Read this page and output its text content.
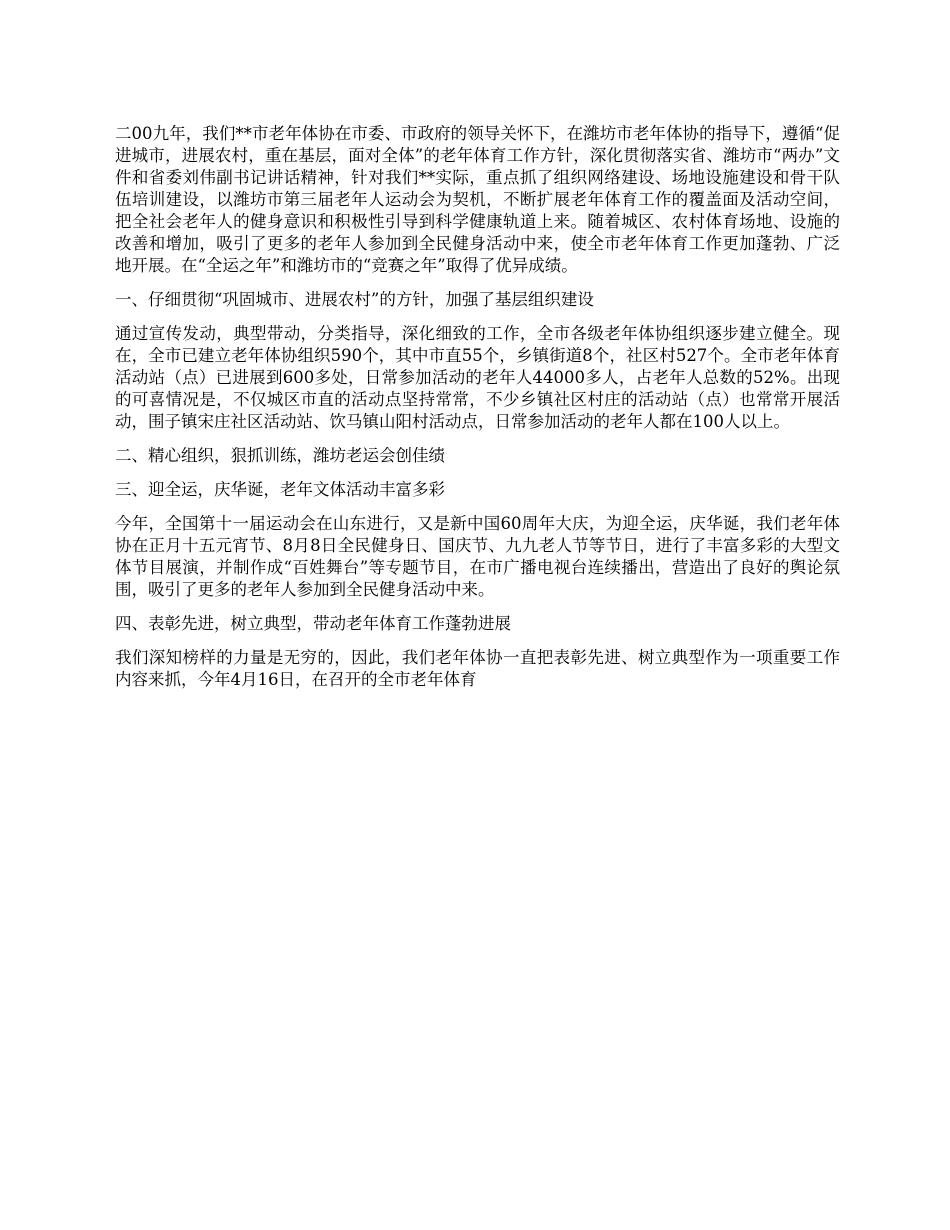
二00九年，我们**市老年体协在市委、市政府的领导关怀下，在潍坊市老年体协的指导下，遵循“促进城市，进展农村，重在基层，面对全体”的老年体育工作方针，深化贯彻落实省、潍坊市“两办”文件和省委刘伟副书记讲话精神，针对我们**实际，重点抓了组织网络建设、场地设施建设和骨干队伍培训建设，以潍坊市第三届老年人运动会为契机，不断扩展老年体育工作的覆盖面及活动空间，把全社会老年人的健身意识和积极性引导到科学健康轨道上来。随着城区、农村体育场地、设施的改善和增加，吸引了更多的老年人参加到全民健身活动中来，使全市老年体育工作更加蓬勃、广泛地开展。在“全运之年”和潍坊市的“竞赛之年”取得了优异成绩。

一、仔细贯彻“巩固城市、进展农村”的方针，加强了基层组织建设

通过宣传发动，典型带动，分类指导，深化细致的工作，全市各级老年体协组织逐步建立健全。现在，全市已建立老年体协组织590个，其中市直55个，乡镇街道8个，社区村527个。全市老年体育活动站（点）已进展到600多处，日常参加活动的老年人44000多人，占老年人总数的52%。出现的可喜情况是，不仅城区市直的活动点坚持常常，不少乡镇社区村庄的活动站（点）也常常开展活动，围子镇宋庄社区活动站、饮马镇山阳村活动点，日常参加活动的老年人都在100人以上。

二、精心组织，狠抓训练，潍坊老运会创佳绩

三、迎全运，庆华诞，老年文体活动丰富多彩

今年，全国第十一届运动会在山东进行，又是新中国60周年大庆，为迎全运，庆华诞，我们老年体协在正月十五元宵节、8月8日全民健身日、国庆节、九九老人节等节日，进行了丰富多彩的大型文体节目展演，并制作成“百姓舞台”等专题节目，在市广播电视台连续播出，营造出了良好的舆论氛围，吸引了更多的老年人参加到全民健身活动中来。

四、表彰先进，树立典型，带动老年体育工作蓬勃进展

我们深知榜样的力量是无穷的，因此，我们老年体协一直把表彰先进、树立典型作为一项重要工作内容来抓，今年4月16日，在召开的全市老年体育
